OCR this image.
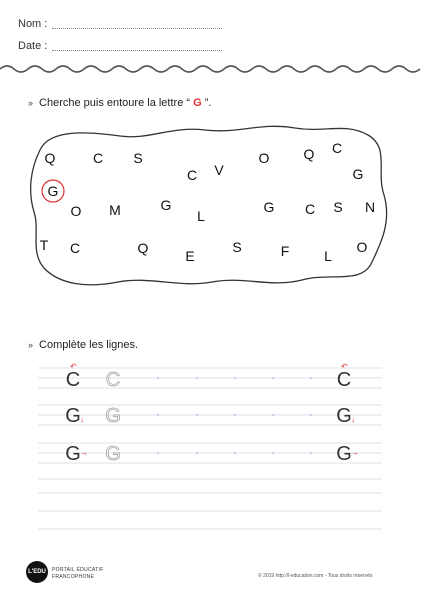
Nom :
Date :
» Cherche puis entoure la lettre “ G ”.
Q	C S
C V
O Q C
G
G
O M	G
L
G C S N
T C	Q	E
S	F L
O
» Complète les lignes.
C C	C
↶	↶
G G	G
↓	↓
G G	G
→	→
L'EDU	PORTAIL ÉDUCATIF
FRANCOPHONE	© 2019 http://l-education.com - Tous droits réservés
